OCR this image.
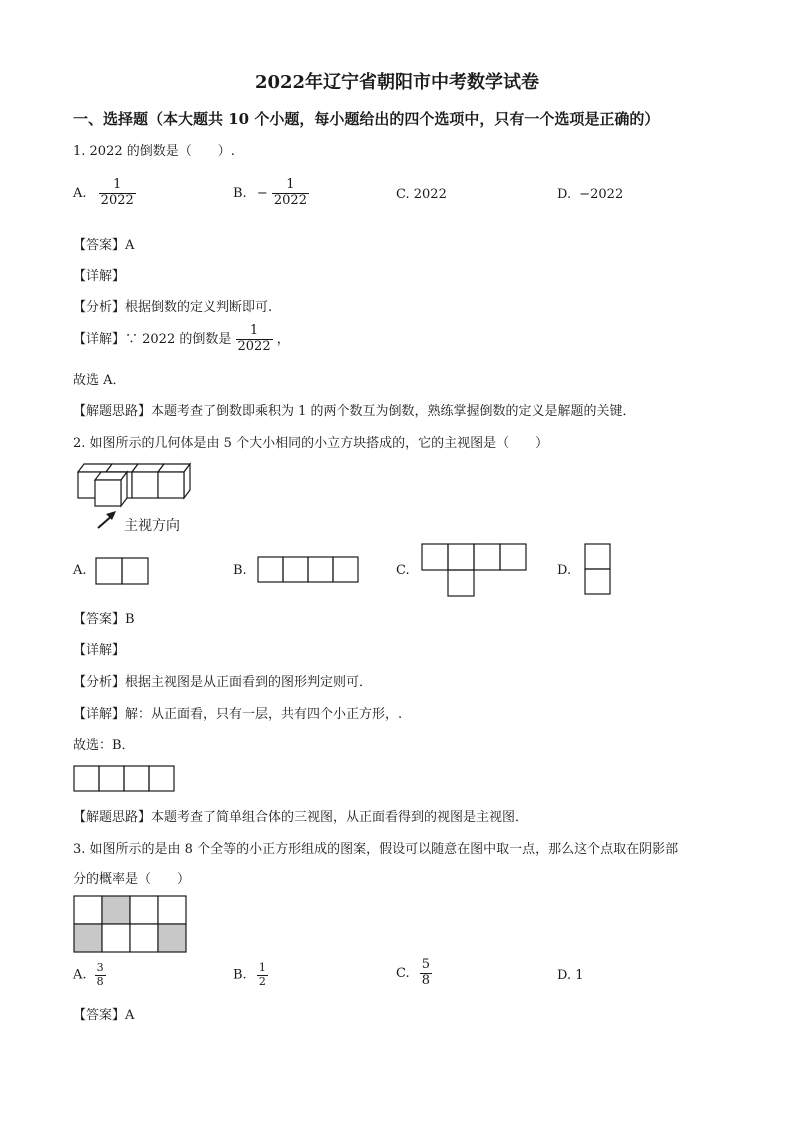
2022年辽宁省朝阳市中考数学试卷
一、选择题（本大题共 10 个小题，每小题给出的四个选项中，只有一个选项是正确的）
1. 2022 的倒数是（　　）.
A. $\frac{1}{2022}$	B. − $\frac{1}{2022}$	C. 2022	D. −2022
【答案】A
【详解】
【分析】根据倒数的定义判断即可.
【详解】∵ 2022 的倒数是 $\frac{1}{2022}$ ，
故选 A．
【解题思路】本题考查了倒数即乘积为 1 的两个数互为倒数，熟练掌握倒数的定义是解题的关键．
2. 如图所示的几何体是由 5 个大小相同的小立方块搭成的，它的主视图是（　　）
主视方向
A.	B.	C.	D.
【答案】B
【详解】
【分析】根据主视图是从正面看到的图形判定则可．
【详解】解：从正面看，只有一层，共有四个小正方形，.
故选：B．
【解题思路】本题考查了简单组合体的三视图，从正面看得到的视图是主视图．
3. 如图所示的是由 8 个全等的小正方形组成的图案，假设可以随意在图中取一点，那么这个点取在阴影部
分的概率是（　　）
A. $\frac{3}{8}$	B. $\frac{1}{2}$	C. $\frac{5}{8}$	D. 1
【答案】A
